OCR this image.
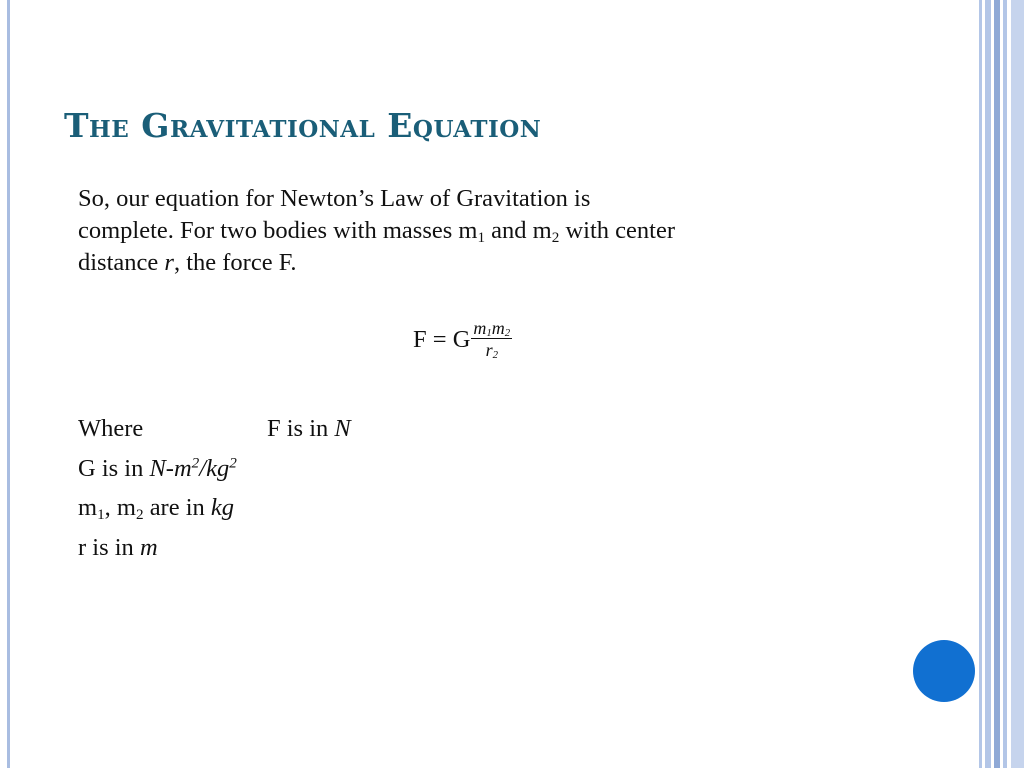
The Gravitational Equation

So, our equation for Newton’s Law of Gravitation is

complete. For two bodies with masses $m_1$ and $m_2$ with center

distance r, the force F.

F = G $\frac{m_1m_2}{r_2}$
Where	F is in N
G is in $N-m^2/kg^2$
$m_1$, $m_2$ are in kg
r is in m
